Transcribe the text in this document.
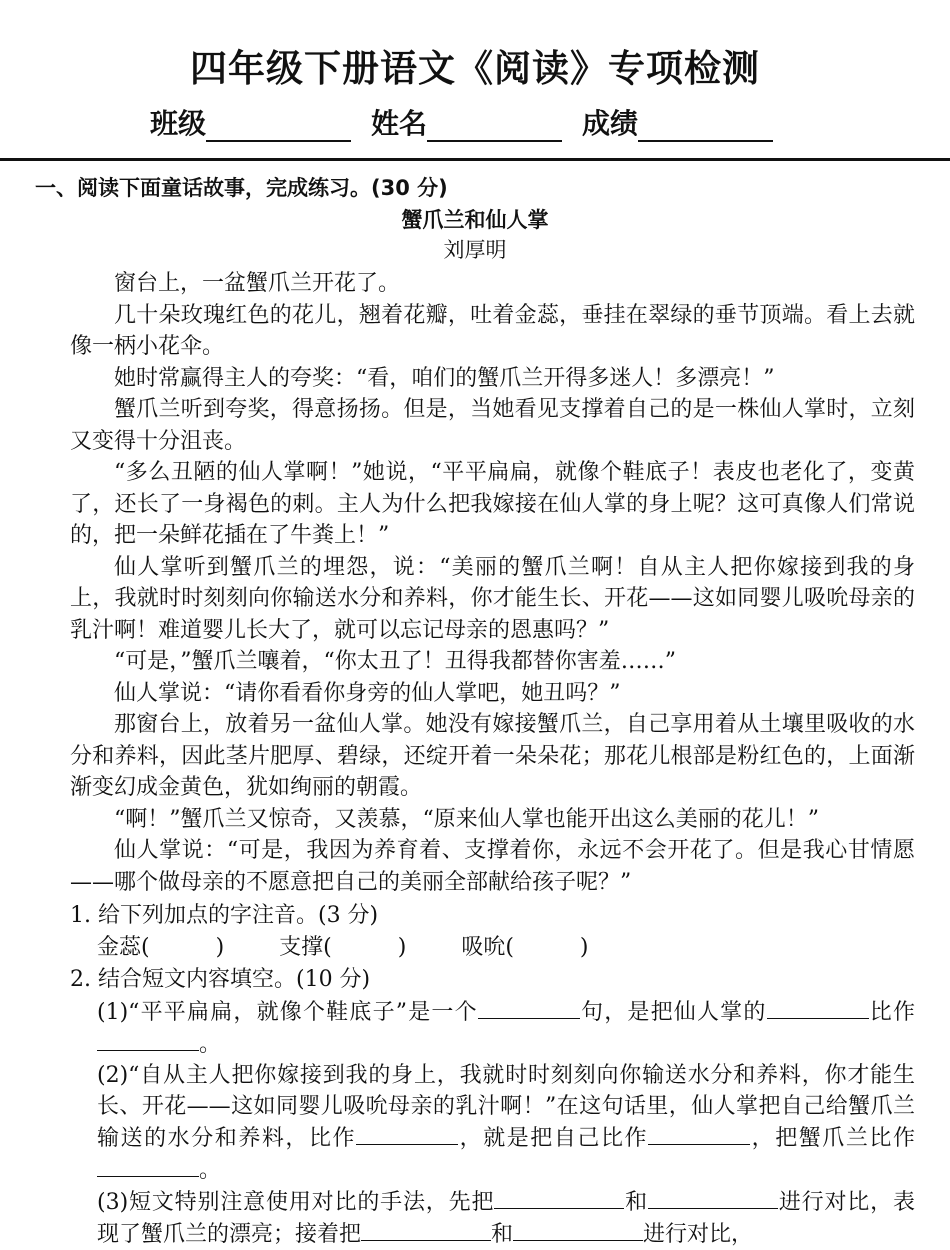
四年级下册语文《阅读》专项检测
班级	姓名	成绩
一、阅读下面童话故事，完成练习。(30 分)
蟹爪兰和仙人掌
刘厚明

窗台上，一盆蟹爪兰开花了。

几十朵玫瑰红色的花儿，翘着花瓣，吐着金蕊，垂挂在翠绿的垂节顶端。看上去就像一柄小花伞。

她时常赢得主人的夸奖：“看，咱们的蟹爪兰开得多迷人！多漂亮！”

蟹爪兰听到夸奖，得意扬扬。但是，当她看见支撑着自己的是一株仙人掌时，立刻又变得十分沮丧。

“多么丑陋的仙人掌啊！”她说，“平平扁扁，就像个鞋底子！表皮也老化了，变黄了，还长了一身褐色的刺。主人为什么把我嫁接在仙人掌的身上呢？这可真像人们常说的，把一朵鲜花插在了牛粪上！”

仙人掌听到蟹爪兰的埋怨，说：“美丽的蟹爪兰啊！自从主人把你嫁接到我的身上，我就时时刻刻向你输送水分和养料，你才能生长、开花——这如同婴儿吸吮母亲的乳汁啊！难道婴儿长大了，就可以忘记母亲的恩惠吗？”

“可是，”蟹爪兰嚷着，“你太丑了！丑得我都替你害羞……”

仙人掌说：“请你看看你身旁的仙人掌吧，她丑吗？”

那窗台上，放着另一盆仙人掌。她没有嫁接蟹爪兰，自己享用着从土壤里吸收的水分和养料，因此茎片肥厚、碧绿，还绽开着一朵朵花；那花儿根部是粉红色的，上面渐渐变幻成金黄色，犹如绚丽的朝霞。

“啊！”蟹爪兰又惊奇，又羡慕，“原来仙人掌也能开出这么美丽的花儿！”

仙人掌说：“可是，我因为养育着、支撑着你，永远不会开花了。但是我心甘情愿——哪个做母亲的不愿意把自己的美丽全部献给孩子呢？”

1. 给下列加点的字注音。(3 分)
金蕊(　　　)	支撑(　　　)	吸吮(　　　)
2. 结合短文内容填空。(10 分)
(1)“平平扁扁，就像个鞋底子”是一个	句，是把仙人掌的	比作。
(2)“自从主人把你嫁接到我的身上，我就时时刻刻向你输送水分和养料，你才能生长、开花——这如同婴儿吸吮母亲的乳汁啊！”在这句话里，仙人掌把自己给蟹爪兰输送的水分和养料，比作	，就是把自己比作	，把蟹爪兰比作。
(3)短文特别注意使用对比的手法，先把	和	进行对比，表现了蟹爪兰的漂亮；接着把	和	进行对比，
